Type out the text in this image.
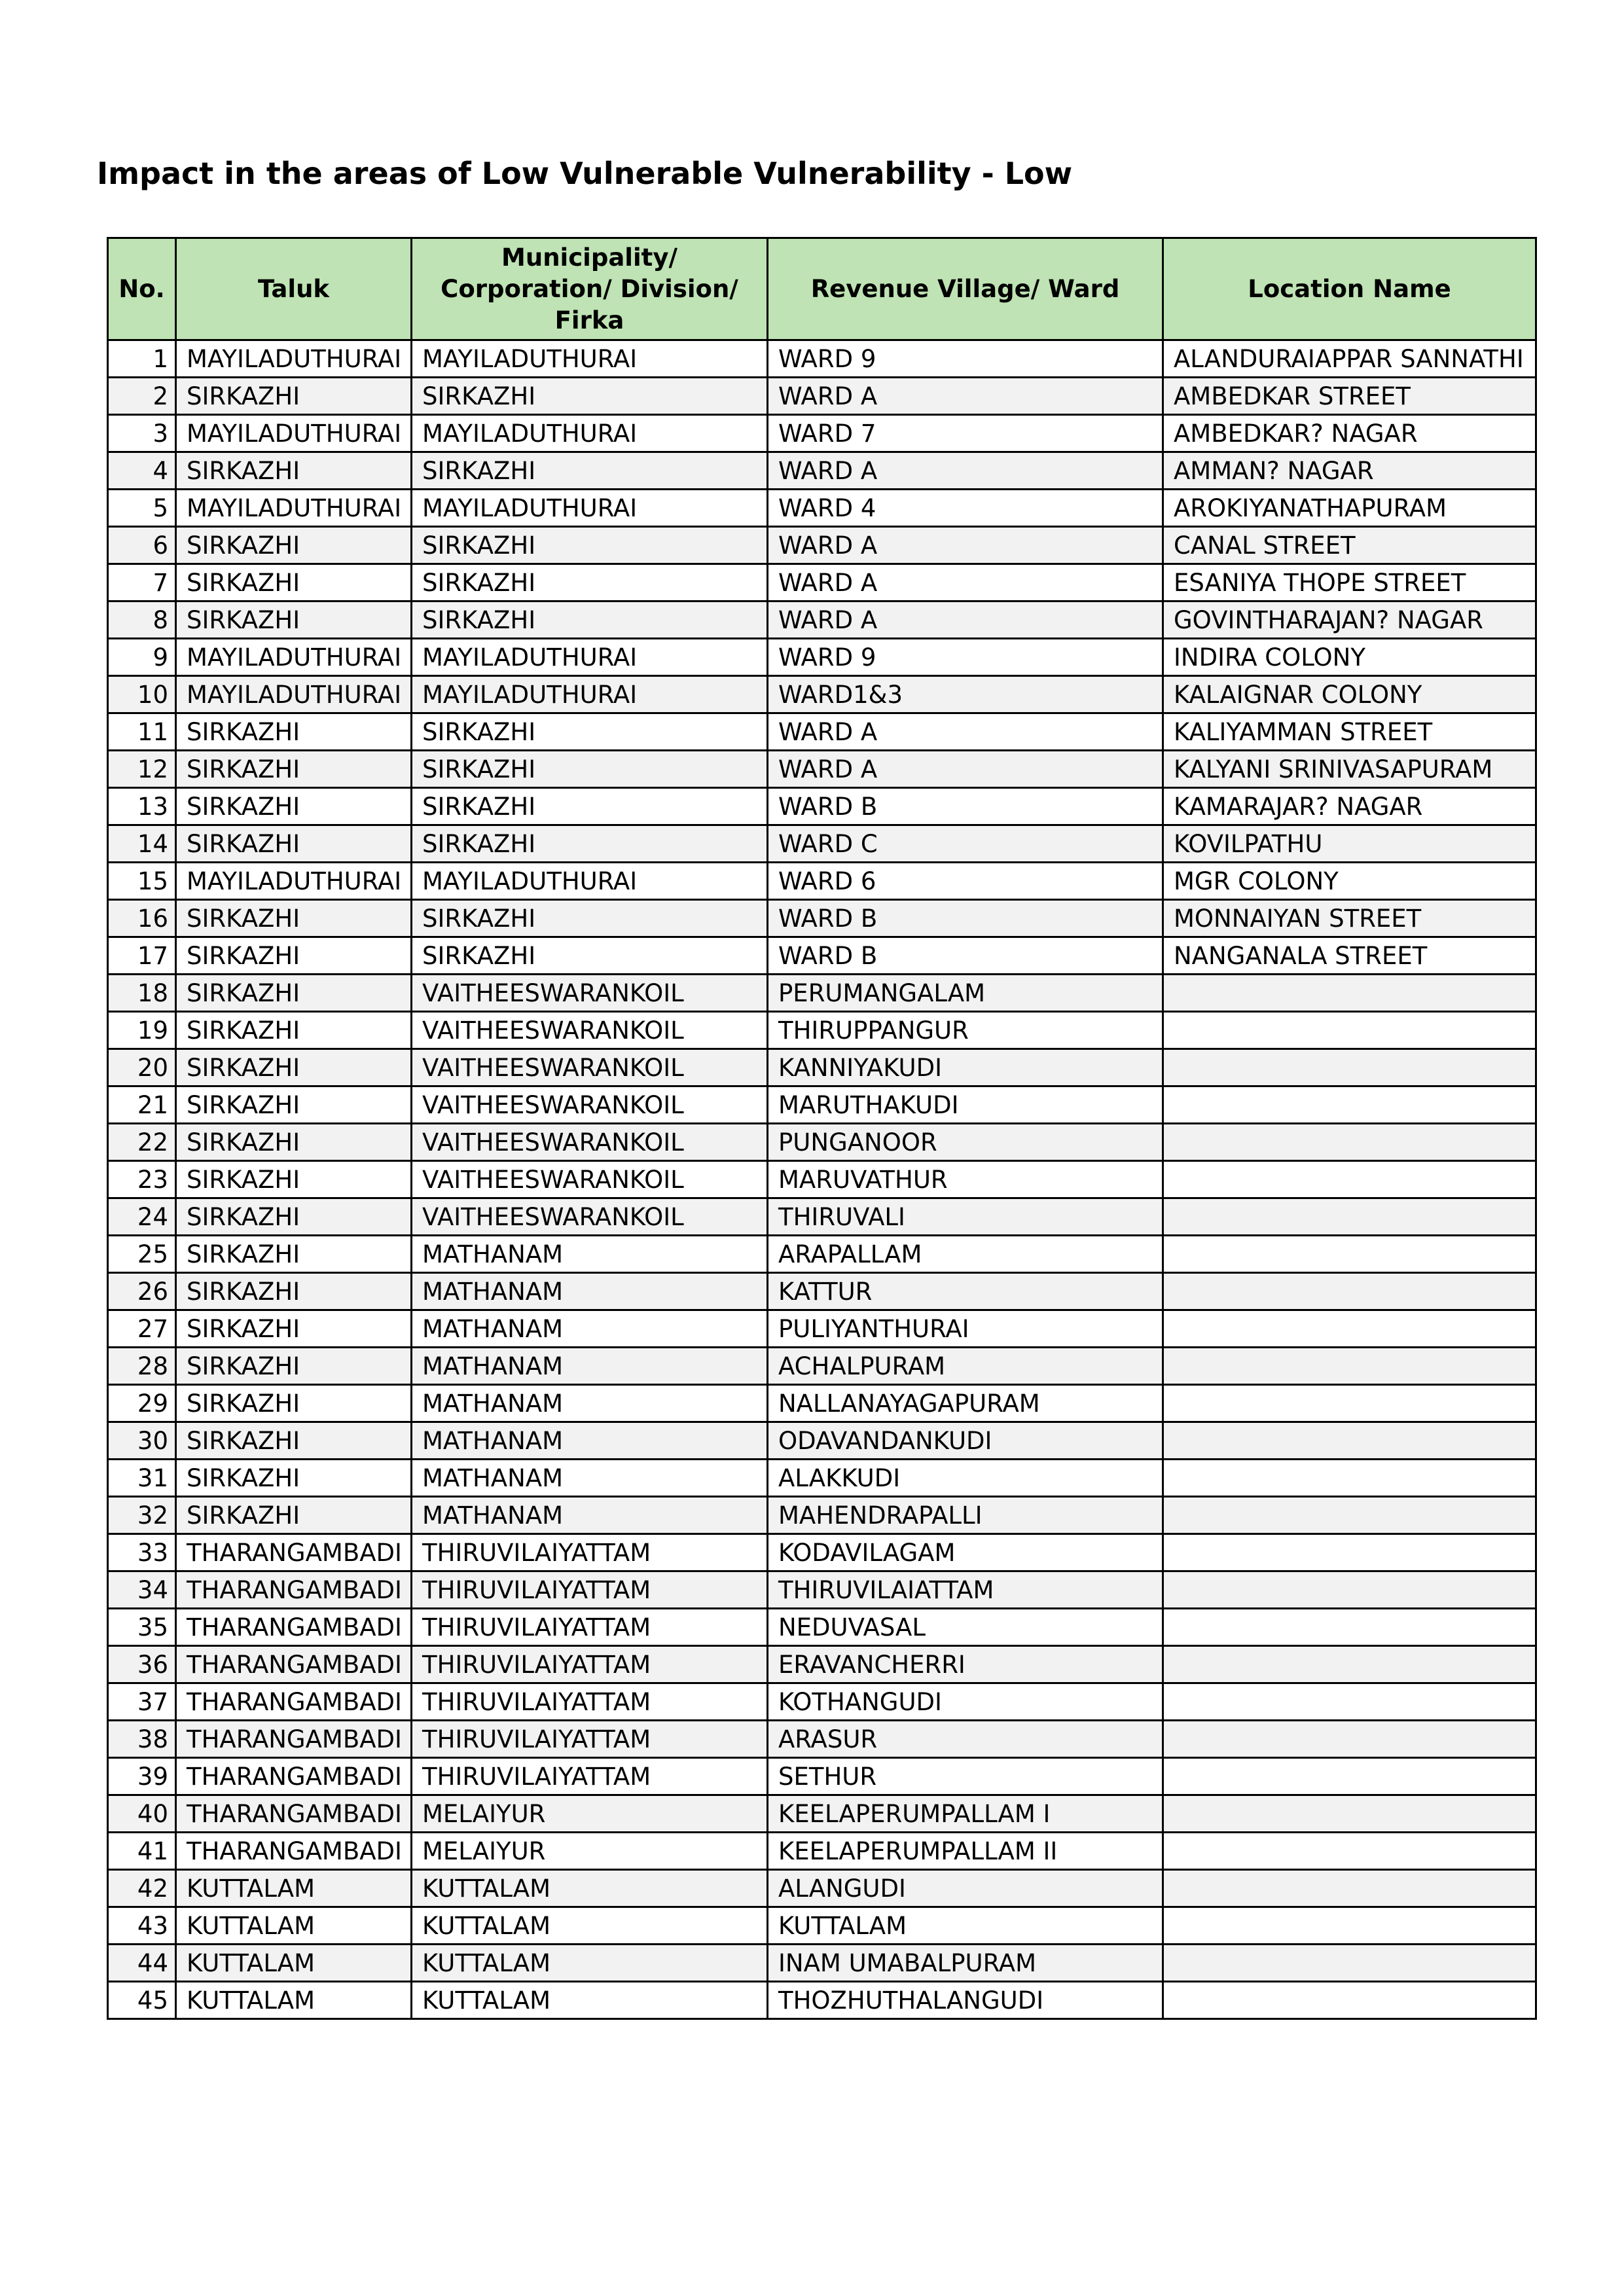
Impact in the areas of Low Vulnerable Vulnerability - Low
No.	Taluk	Municipality/ Corporation/ Division/ Firka	Revenue Village/ Ward	Location Name
1	MAYILADUTHURAI	MAYILADUTHURAI	WARD 9	ALANDURAIAPPAR SANNATHI
2	SIRKAZHI	SIRKAZHI	WARD A	AMBEDKAR STREET
3	MAYILADUTHURAI	MAYILADUTHURAI	WARD 7	AMBEDKAR? NAGAR
4	SIRKAZHI	SIRKAZHI	WARD A	AMMAN? NAGAR
5	MAYILADUTHURAI	MAYILADUTHURAI	WARD 4	AROKIYANATHAPURAM
6	SIRKAZHI	SIRKAZHI	WARD A	CANAL STREET
7	SIRKAZHI	SIRKAZHI	WARD A	ESANIYA THOPE STREET
8	SIRKAZHI	SIRKAZHI	WARD A	GOVINTHARAJAN? NAGAR
9	MAYILADUTHURAI	MAYILADUTHURAI	WARD 9	INDIRA COLONY
10	MAYILADUTHURAI	MAYILADUTHURAI	WARD1&3	KALAIGNAR COLONY
11	SIRKAZHI	SIRKAZHI	WARD A	KALIYAMMAN STREET
12	SIRKAZHI	SIRKAZHI	WARD A	KALYANI SRINIVASAPURAM
13	SIRKAZHI	SIRKAZHI	WARD B	KAMARAJAR? NAGAR
14	SIRKAZHI	SIRKAZHI	WARD C	KOVILPATHU
15	MAYILADUTHURAI	MAYILADUTHURAI	WARD 6	MGR COLONY
16	SIRKAZHI	SIRKAZHI	WARD B	MONNAIYAN STREET
17	SIRKAZHI	SIRKAZHI	WARD B	NANGANALA STREET
18	SIRKAZHI	VAITHEESWARANKOIL	PERUMANGALAM	
19	SIRKAZHI	VAITHEESWARANKOIL	THIRUPPANGUR	
20	SIRKAZHI	VAITHEESWARANKOIL	KANNIYAKUDI	
21	SIRKAZHI	VAITHEESWARANKOIL	MARUTHAKUDI	
22	SIRKAZHI	VAITHEESWARANKOIL	PUNGANOOR	
23	SIRKAZHI	VAITHEESWARANKOIL	MARUVATHUR	
24	SIRKAZHI	VAITHEESWARANKOIL	THIRUVALI	
25	SIRKAZHI	MATHANAM	ARAPALLAM	
26	SIRKAZHI	MATHANAM	KATTUR	
27	SIRKAZHI	MATHANAM	PULIYANTHURAI	
28	SIRKAZHI	MATHANAM	ACHALPURAM	
29	SIRKAZHI	MATHANAM	NALLANAYAGAPURAM	
30	SIRKAZHI	MATHANAM	ODAVANDANKUDI	
31	SIRKAZHI	MATHANAM	ALAKKUDI	
32	SIRKAZHI	MATHANAM	MAHENDRAPALLI	
33	THARANGAMBADI	THIRUVILAIYATTAM	KODAVILAGAM	
34	THARANGAMBADI	THIRUVILAIYATTAM	THIRUVILAIATTAM	
35	THARANGAMBADI	THIRUVILAIYATTAM	NEDUVASAL	
36	THARANGAMBADI	THIRUVILAIYATTAM	ERAVANCHERRI	
37	THARANGAMBADI	THIRUVILAIYATTAM	KOTHANGUDI	
38	THARANGAMBADI	THIRUVILAIYATTAM	ARASUR	
39	THARANGAMBADI	THIRUVILAIYATTAM	SETHUR	
40	THARANGAMBADI	MELAIYUR	KEELAPERUMPALLAM I	
41	THARANGAMBADI	MELAIYUR	KEELAPERUMPALLAM II	
42	KUTTALAM	KUTTALAM	ALANGUDI	
43	KUTTALAM	KUTTALAM	KUTTALAM	
44	KUTTALAM	KUTTALAM	INAM UMABALPURAM	
45	KUTTALAM	KUTTALAM	THOZHUTHALANGUDI	
